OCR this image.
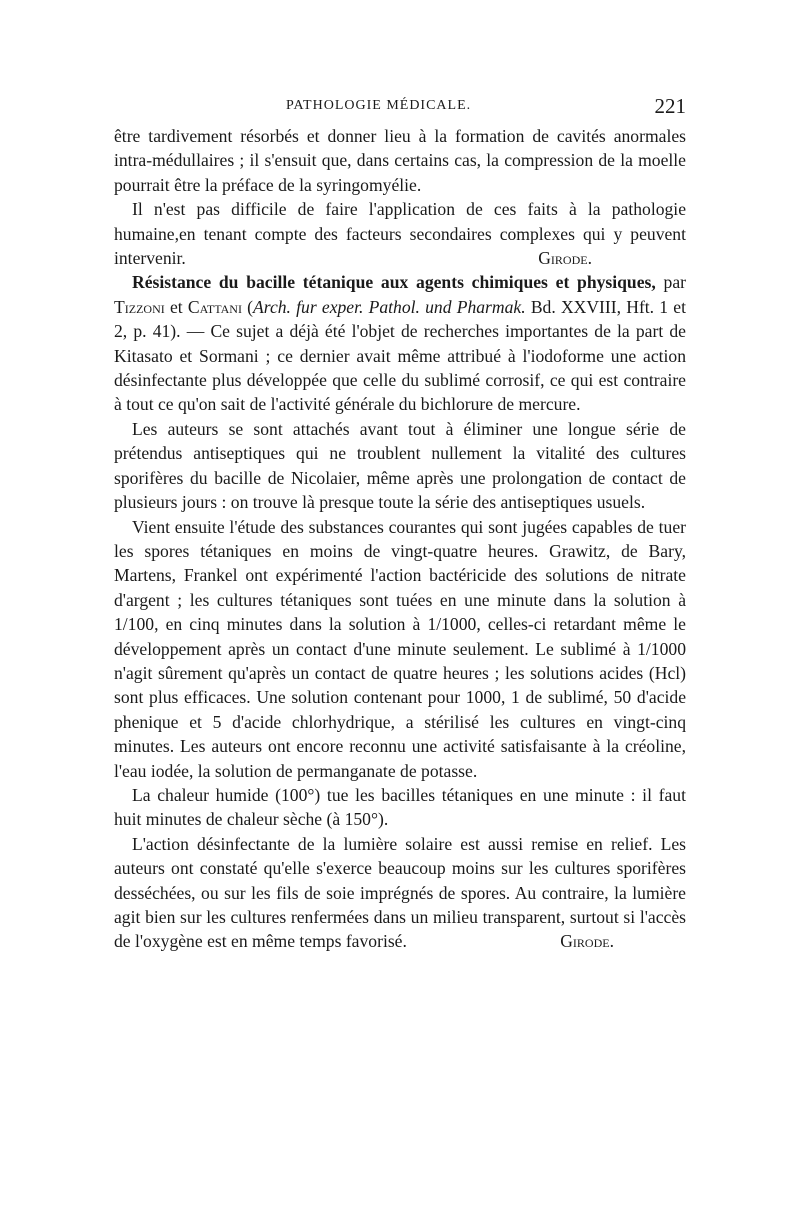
PATHOLOGIE MÉDICALE.	221

être tardivement résorbés et donner lieu à la formation de cavités anormales intra-médullaires ; il s'ensuit que, dans certains cas, la compression de la moelle pourrait être la préface de la syringomyélie.

Il n'est pas difficile de faire l'application de ces faits à la pathologie humaine,en tenant compte des facteurs secondaires complexes qui y peuvent intervenir.	Girode.

Résistance du bacille tétanique aux agents chimiques et physiques, par Tizzoni et Cattani (Arch. fur exper. Pathol. und Pharmak. Bd. XXVIII, Hft. 1 et 2, p. 41). — Ce sujet a déjà été l'objet de recherches importantes de la part de Kitasato et Sormani ; ce dernier avait même attribué à l'iodoforme une action désinfectante plus développée que celle du sublimé corrosif, ce qui est contraire à tout ce qu'on sait de l'activité générale du bichlorure de mercure.

Les auteurs se sont attachés avant tout à éliminer une longue série de prétendus antiseptiques qui ne troublent nullement la vitalité des cultures sporifères du bacille de Nicolaier, même après une prolongation de contact de plusieurs jours : on trouve là presque toute la série des antiseptiques usuels.

Vient ensuite l'étude des substances courantes qui sont jugées capables de tuer les spores tétaniques en moins de vingt-quatre heures. Grawitz, de Bary, Martens, Frankel ont expérimenté l'action bactéricide des solutions de nitrate d'argent ; les cultures tétaniques sont tuées en une minute dans la solution à 1/100, en cinq minutes dans la solution à 1/1000, celles-ci retardant même le développement après un contact d'une minute seulement. Le sublimé à 1/1000 n'agit sûrement qu'après un contact de quatre heures ; les solutions acides (Hcl) sont plus efficaces. Une solution contenant pour 1000, 1 de sublimé, 50 d'acide phenique et 5 d'acide chlorhydrique, a stérilisé les cultures en vingt-cinq minutes. Les auteurs ont encore reconnu une activité satisfaisante à la créoline, l'eau iodée, la solution de permanganate de potasse.

La chaleur humide (100°) tue les bacilles tétaniques en une minute : il faut huit minutes de chaleur sèche (à 150°).

L'action désinfectante de la lumière solaire est aussi remise en relief. Les auteurs ont constaté qu'elle s'exerce beaucoup moins sur les cultures sporifères desséchées, ou sur les fils de soie imprégnés de spores. Au contraire, la lumière agit bien sur les cultures renfermées dans un milieu transparent, surtout si l'accès de l'oxygène est en même temps favorisé.	Girode.
